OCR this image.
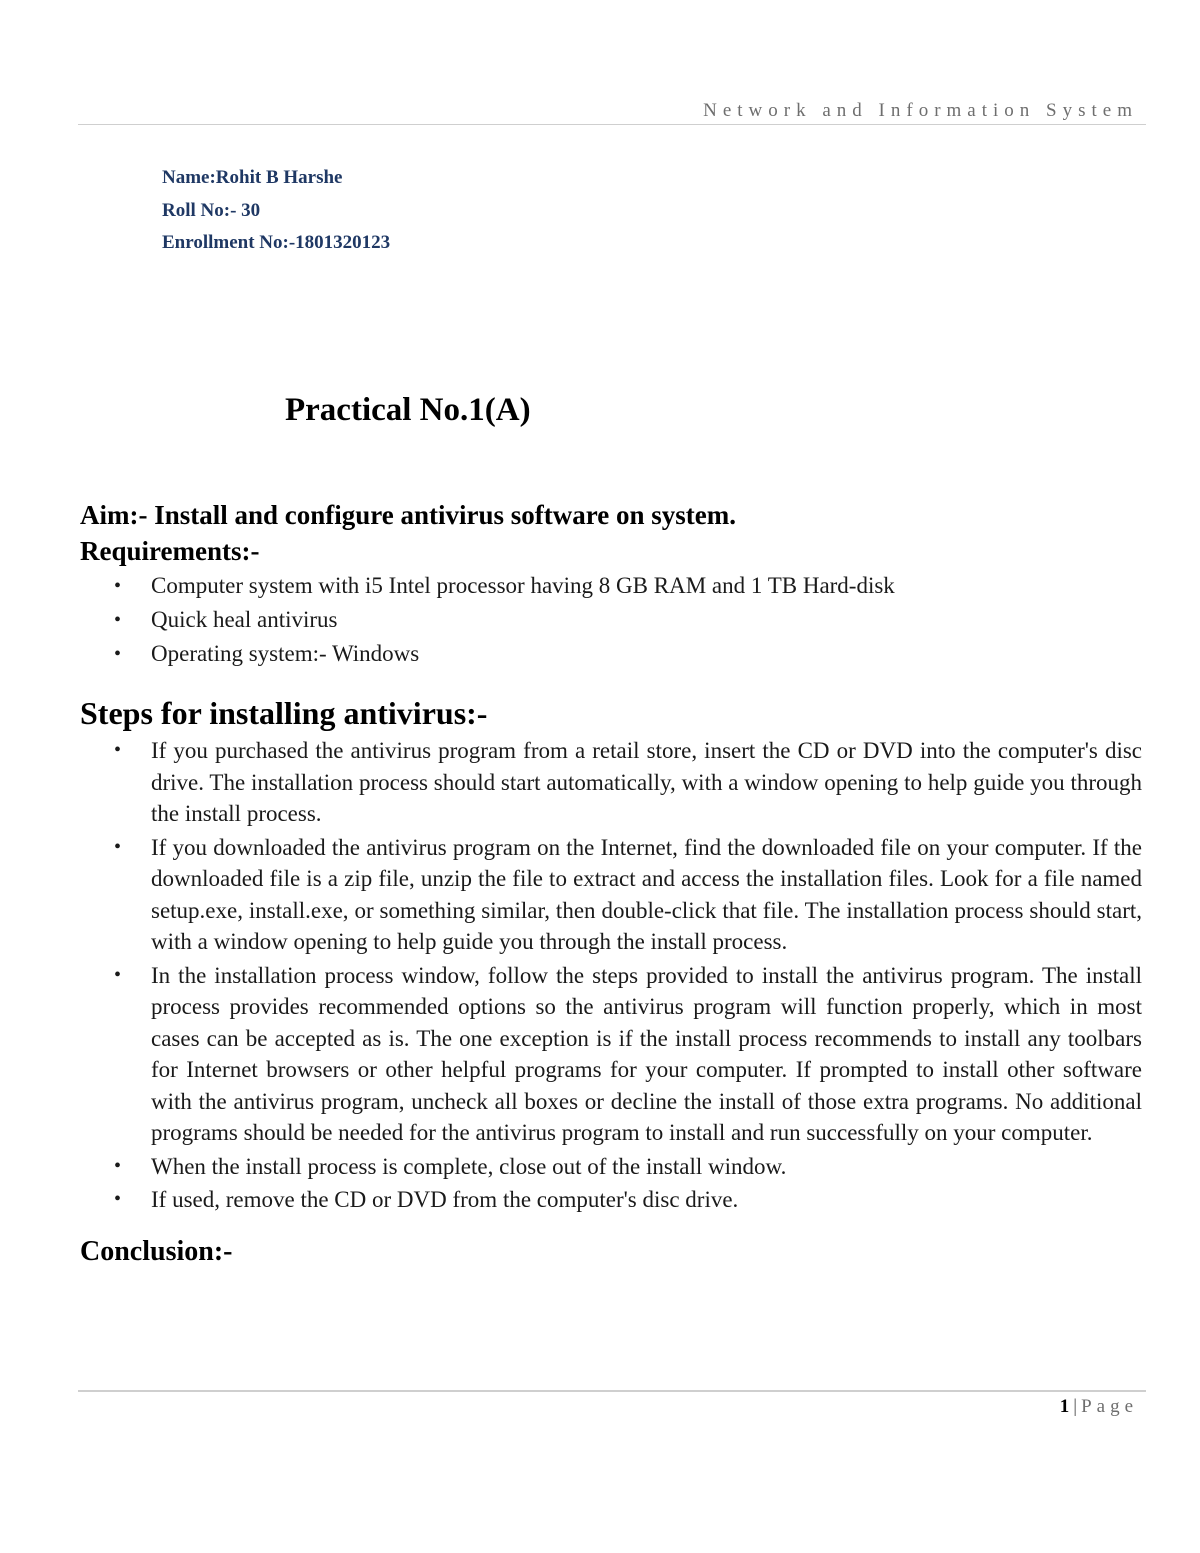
Network and Information System
Name:Rohit B Harshe
Roll No:- 30
Enrollment No:-1801320123
Practical No.1(A)
Aim:- Install and configure antivirus software on system.
Requirements:-
• Computer system with i5 Intel processor having 8 GB RAM and 1 TB Hard-disk
• Quick heal antivirus
• Operating system:- Windows
Steps for installing antivirus:-
• If you purchased the antivirus program from a retail store, insert the CD or DVD into the computer's disc drive. The installation process should start automatically, with a window opening to help guide you through the install process.
• If you downloaded the antivirus program on the Internet, find the downloaded file on your computer. If the downloaded file is a zip file, unzip the file to extract and access the installation files. Look for a file named setup.exe, install.exe, or something similar, then double-click that file. The installation process should start, with a window opening to help guide you through the install process.
• In the installation process window, follow the steps provided to install the antivirus program. The install process provides recommended options so the antivirus program will function properly, which in most cases can be accepted as is. The one exception is if the install process recommends to install any toolbars for Internet browsers or other helpful programs for your computer. If prompted to install other software with the antivirus program, uncheck all boxes or decline the install of those extra programs. No additional programs should be needed for the antivirus program to install and run successfully on your computer.
• When the install process is complete, close out of the install window.
• If used, remove the CD or DVD from the computer's disc drive.
Conclusion:-
1 | Page
